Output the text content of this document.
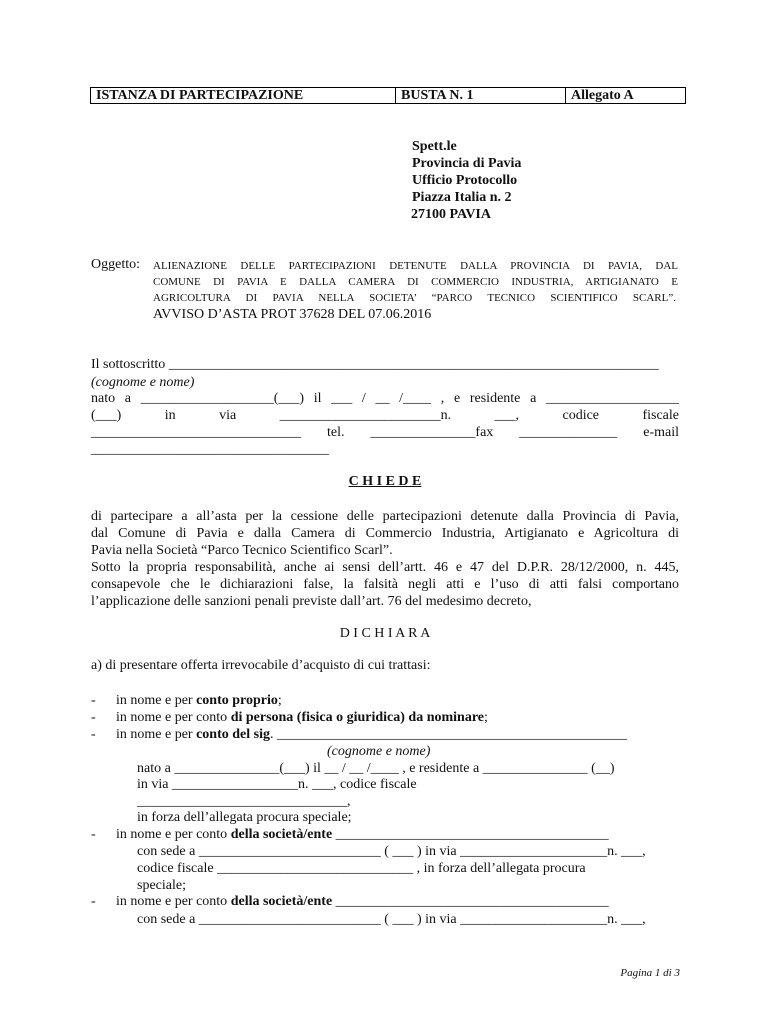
ISTANZA DI PARTECIPAZIONE	BUSTA N. 1	Allegato A
Spett.le
Provincia di Pavia
Ufficio Protocollo
Piazza Italia n. 2
27100 PAVIA
Oggetto: ALIENAZIONE DELLE PARTECIPAZIONI DETENUTE DALLA PROVINCIA DI PAVIA, DAL
COMUNE DI PAVIA E DALLA CAMERA DI COMMERCIO INDUSTRIA, ARTIGIANATO E
AGRICOLTURA DI PAVIA NELLA SOCIETA’ “PARCO TECNICO SCIENTIFICO SCARL”.
AVVISO D’ASTA PROT 37628 DEL 07.06.2016
Il sottoscritto ______________________________________________________________________
(cognome e nome)
nato a ___________________(___) il ___ / __ /____ , e residente a ___________________
(___) in via _______________________n. ___, codice fiscale
______________________________ tel. _______________fax ______________ e-mail
__________________________________
C H I E D E
di partecipare a all’asta per la cessione delle partecipazioni detenute dalla Provincia di Pavia,
dal Comune di Pavia e dalla Camera di Commercio Industria, Artigianato e Agricoltura di
Pavia nella Società “Parco Tecnico Scientifico Scarl”.
Sotto la propria responsabilità, anche ai sensi dell’artt. 46 e 47 del D.P.R. 28/12/2000, n. 445,
consapevole che le dichiarazioni false, la falsità negli atti e l’uso di atti falsi comportano
l’applicazione delle sanzioni penali previste dall’art. 76 del medesimo decreto,
D I C H I A R A
a) di presentare offerta irrevocabile d’acquisto di cui trattasi:
- in nome e per conto proprio;
- in nome e per conto di persona (fisica o giuridica) da nominare;
- in nome e per conto del sig. __________________________________________________
(cognome e nome)
nato a _______________(___) il __ / __ /____ , e residente a _______________ (__)
in via __________________n. ___, codice fiscale
______________________________,
in forza dell’allegata procura speciale;
- in nome e per conto della società/ente _______________________________________
con sede a __________________________ ( ___ ) in via _____________________n. ___,
codice fiscale ____________________________ , in forza dell’allegata procura
speciale;
- in nome e per conto della società/ente _______________________________________
con sede a __________________________ ( ___ ) in via _____________________n. ___,
Pagina 1 di 3
